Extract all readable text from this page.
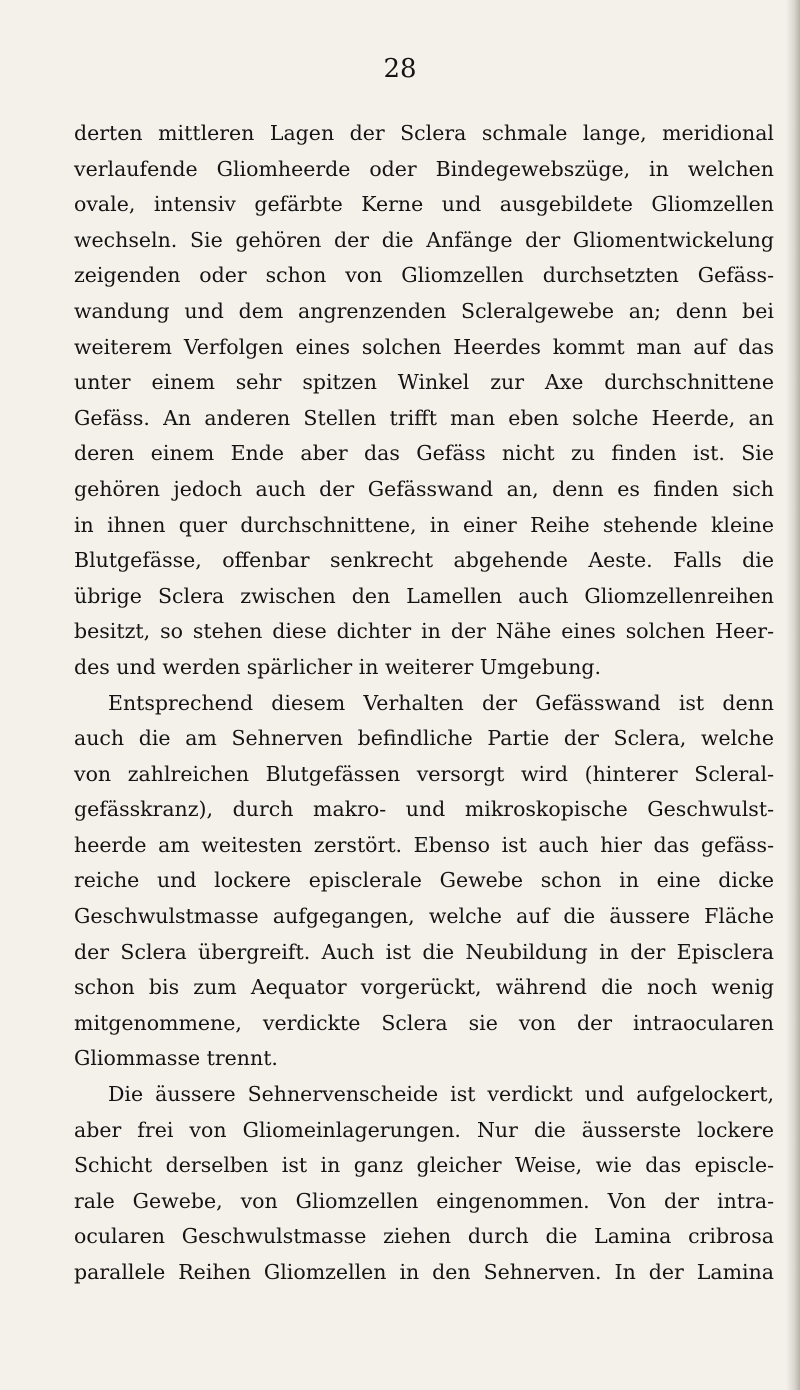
28
derten mittleren Lagen der Sclera schmale lange, meridional
verlaufende Gliomheerde oder Bindegewebszüge, in welchen
ovale, intensiv gefärbte Kerne und ausgebildete Gliomzellen
wechseln. Sie gehören der die Anfänge der Gliomentwickelung
zeigenden oder schon von Gliomzellen durchsetzten Gefäss-
wandung und dem angrenzenden Scleralgewebe an; denn bei
weiterem Verfolgen eines solchen Heerdes kommt man auf das
unter einem sehr spitzen Winkel zur Axe durchschnittene
Gefäss. An anderen Stellen trifft man eben solche Heerde, an
deren einem Ende aber das Gefäss nicht zu finden ist. Sie
gehören jedoch auch der Gefässwand an, denn es finden sich
in ihnen quer durchschnittene, in einer Reihe stehende kleine
Blutgefässe, offenbar senkrecht abgehende Aeste. Falls die
übrige Sclera zwischen den Lamellen auch Gliomzellenreihen
besitzt, so stehen diese dichter in der Nähe eines solchen Heer-
des und werden spärlicher in weiterer Umgebung.
Entsprechend diesem Verhalten der Gefässwand ist denn
auch die am Sehnerven befindliche Partie der Sclera, welche
von zahlreichen Blutgefässen versorgt wird (hinterer Scleral-
gefässkranz), durch makro- und mikroskopische Geschwulst-
heerde am weitesten zerstört. Ebenso ist auch hier das gefäss-
reiche und lockere episclerale Gewebe schon in eine dicke
Geschwulstmasse aufgegangen, welche auf die äussere Fläche
der Sclera übergreift. Auch ist die Neubildung in der Episclera
schon bis zum Aequator vorgerückt, während die noch wenig
mitgenommene, verdickte Sclera sie von der intraocularen
Gliommasse trennt.
Die äussere Sehnervenscheide ist verdickt und aufgelockert,
aber frei von Gliomeinlagerungen. Nur die äusserste lockere
Schicht derselben ist in ganz gleicher Weise, wie das episcle-
rale Gewebe, von Gliomzellen eingenommen. Von der intra-
ocularen Geschwulstmasse ziehen durch die Lamina cribrosa
parallele Reihen Gliomzellen in den Sehnerven. In der Lamina
